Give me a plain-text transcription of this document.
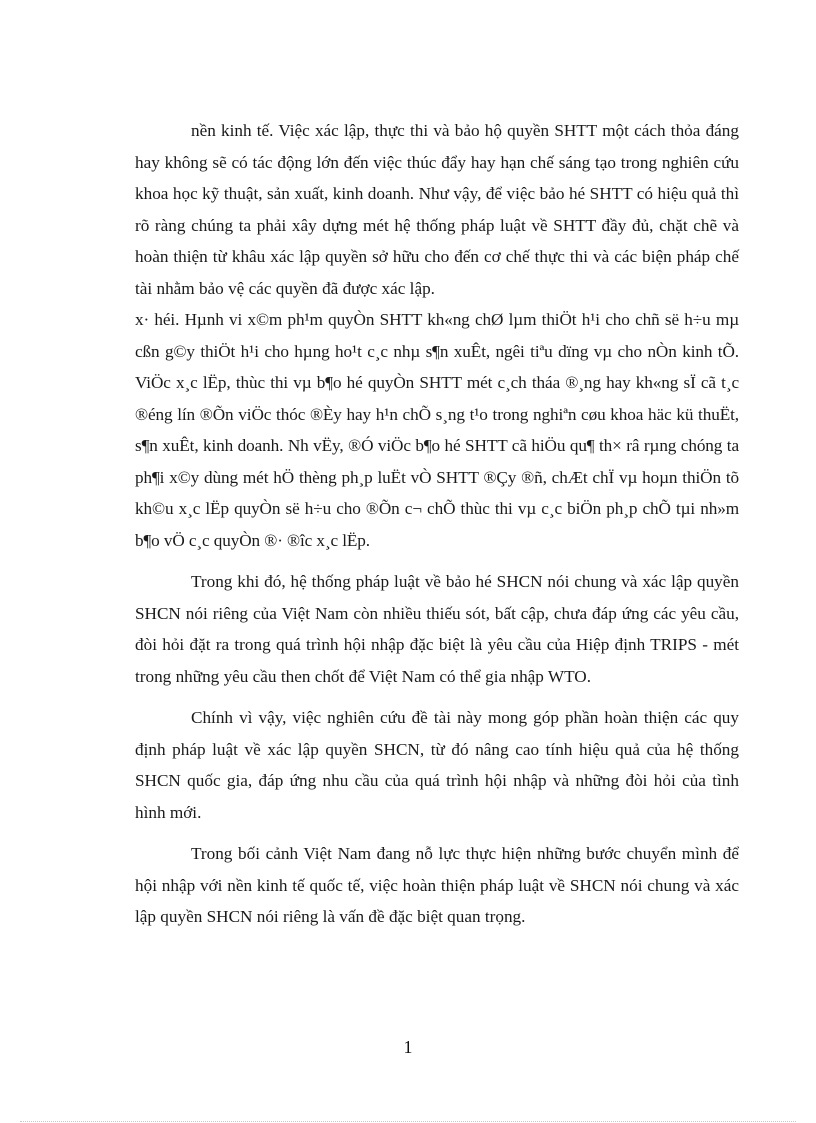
nền kinh tế. Việc xác lập, thực thi và bảo hộ quyền SHTT một cách thỏa đáng hay không sẽ có tác động lớn đến việc thúc đẩy hay hạn chế sáng tạo trong nghiên cứu khoa học kỹ thuật, sản xuất, kinh doanh. Như vậy, để việc bảo hé SHTT có hiệu quả thì rõ ràng chúng ta phải xây dựng mét hệ thống pháp luật về SHTT đầy đủ, chặt chẽ và hoàn thiện từ khâu xác lập quyền sở hữu cho đến cơ chế thực thi và các biện pháp chế tài nhằm bảo vệ các quyền đã được xác lập.

x· héi. Hµnh vi x©m ph¹m quyÒn SHTT kh«ng chØ lµm thiÖt h¹i cho chñ së h÷u mµ cßn g©y thiÖt h¹i cho hµng ho¹t c¸c nhµ s¶n xuÊt, ngêi tiªu dïng vµ cho nÒn kinh tÕ. ViÖc x¸c lËp, thùc thi vµ b¶o hé quyÒn SHTT mét c¸ch tháa ®¸ng hay kh«ng sÏ cã t¸c ®éng lín ®Õn viÖc thóc ®Èy hay h¹n chÕ s¸ng t¹o trong nghiªn cøu khoa häc kü thuËt, s¶n xuÊt, kinh doanh. Nh vËy, ®Ó viÖc b¶o hé SHTT cã hiÖu qu¶ th× râ rµng chóng ta ph¶i x©y dùng mét hÖ thèng ph¸p luËt vÒ SHTT ®Çy ®ñ, chÆt chÏ vµ hoµn thiÖn tõ kh©u x¸c lËp quyÒn së h÷u cho ®Õn c¬ chÕ thùc thi vµ c¸c biÖn ph¸p chÕ tµi nh»m b¶o vÖ c¸c quyÒn ®· ®îc x¸c lËp.

Trong khi đó, hệ thống pháp luật về bảo hé SHCN nói chung và xác lập quyền SHCN nói riêng của Việt Nam còn nhiều thiếu sót, bất cập, chưa đáp ứng các yêu cầu, đòi hỏi đặt ra trong quá trình hội nhập đặc biệt là yêu cầu của Hiệp định TRIPS - mét trong những yêu cầu then chốt để Việt Nam có thể gia nhập WTO.

Chính vì vậy, việc nghiên cứu đề tài này mong góp phần hoàn thiện các quy định pháp luật về xác lập quyền SHCN, từ đó nâng cao tính hiệu quả của hệ thống SHCN quốc gia, đáp ứng nhu cầu của quá trình hội nhập và những đòi hỏi của tình hình mới.

Trong bối cảnh Việt Nam đang nỗ lực thực hiện những bước chuyển mình để hội nhập với nền kinh tế quốc tế, việc hoàn thiện pháp luật về SHCN nói chung và xác lập quyền SHCN nói riêng là vấn đề đặc biệt quan trọng.

1
